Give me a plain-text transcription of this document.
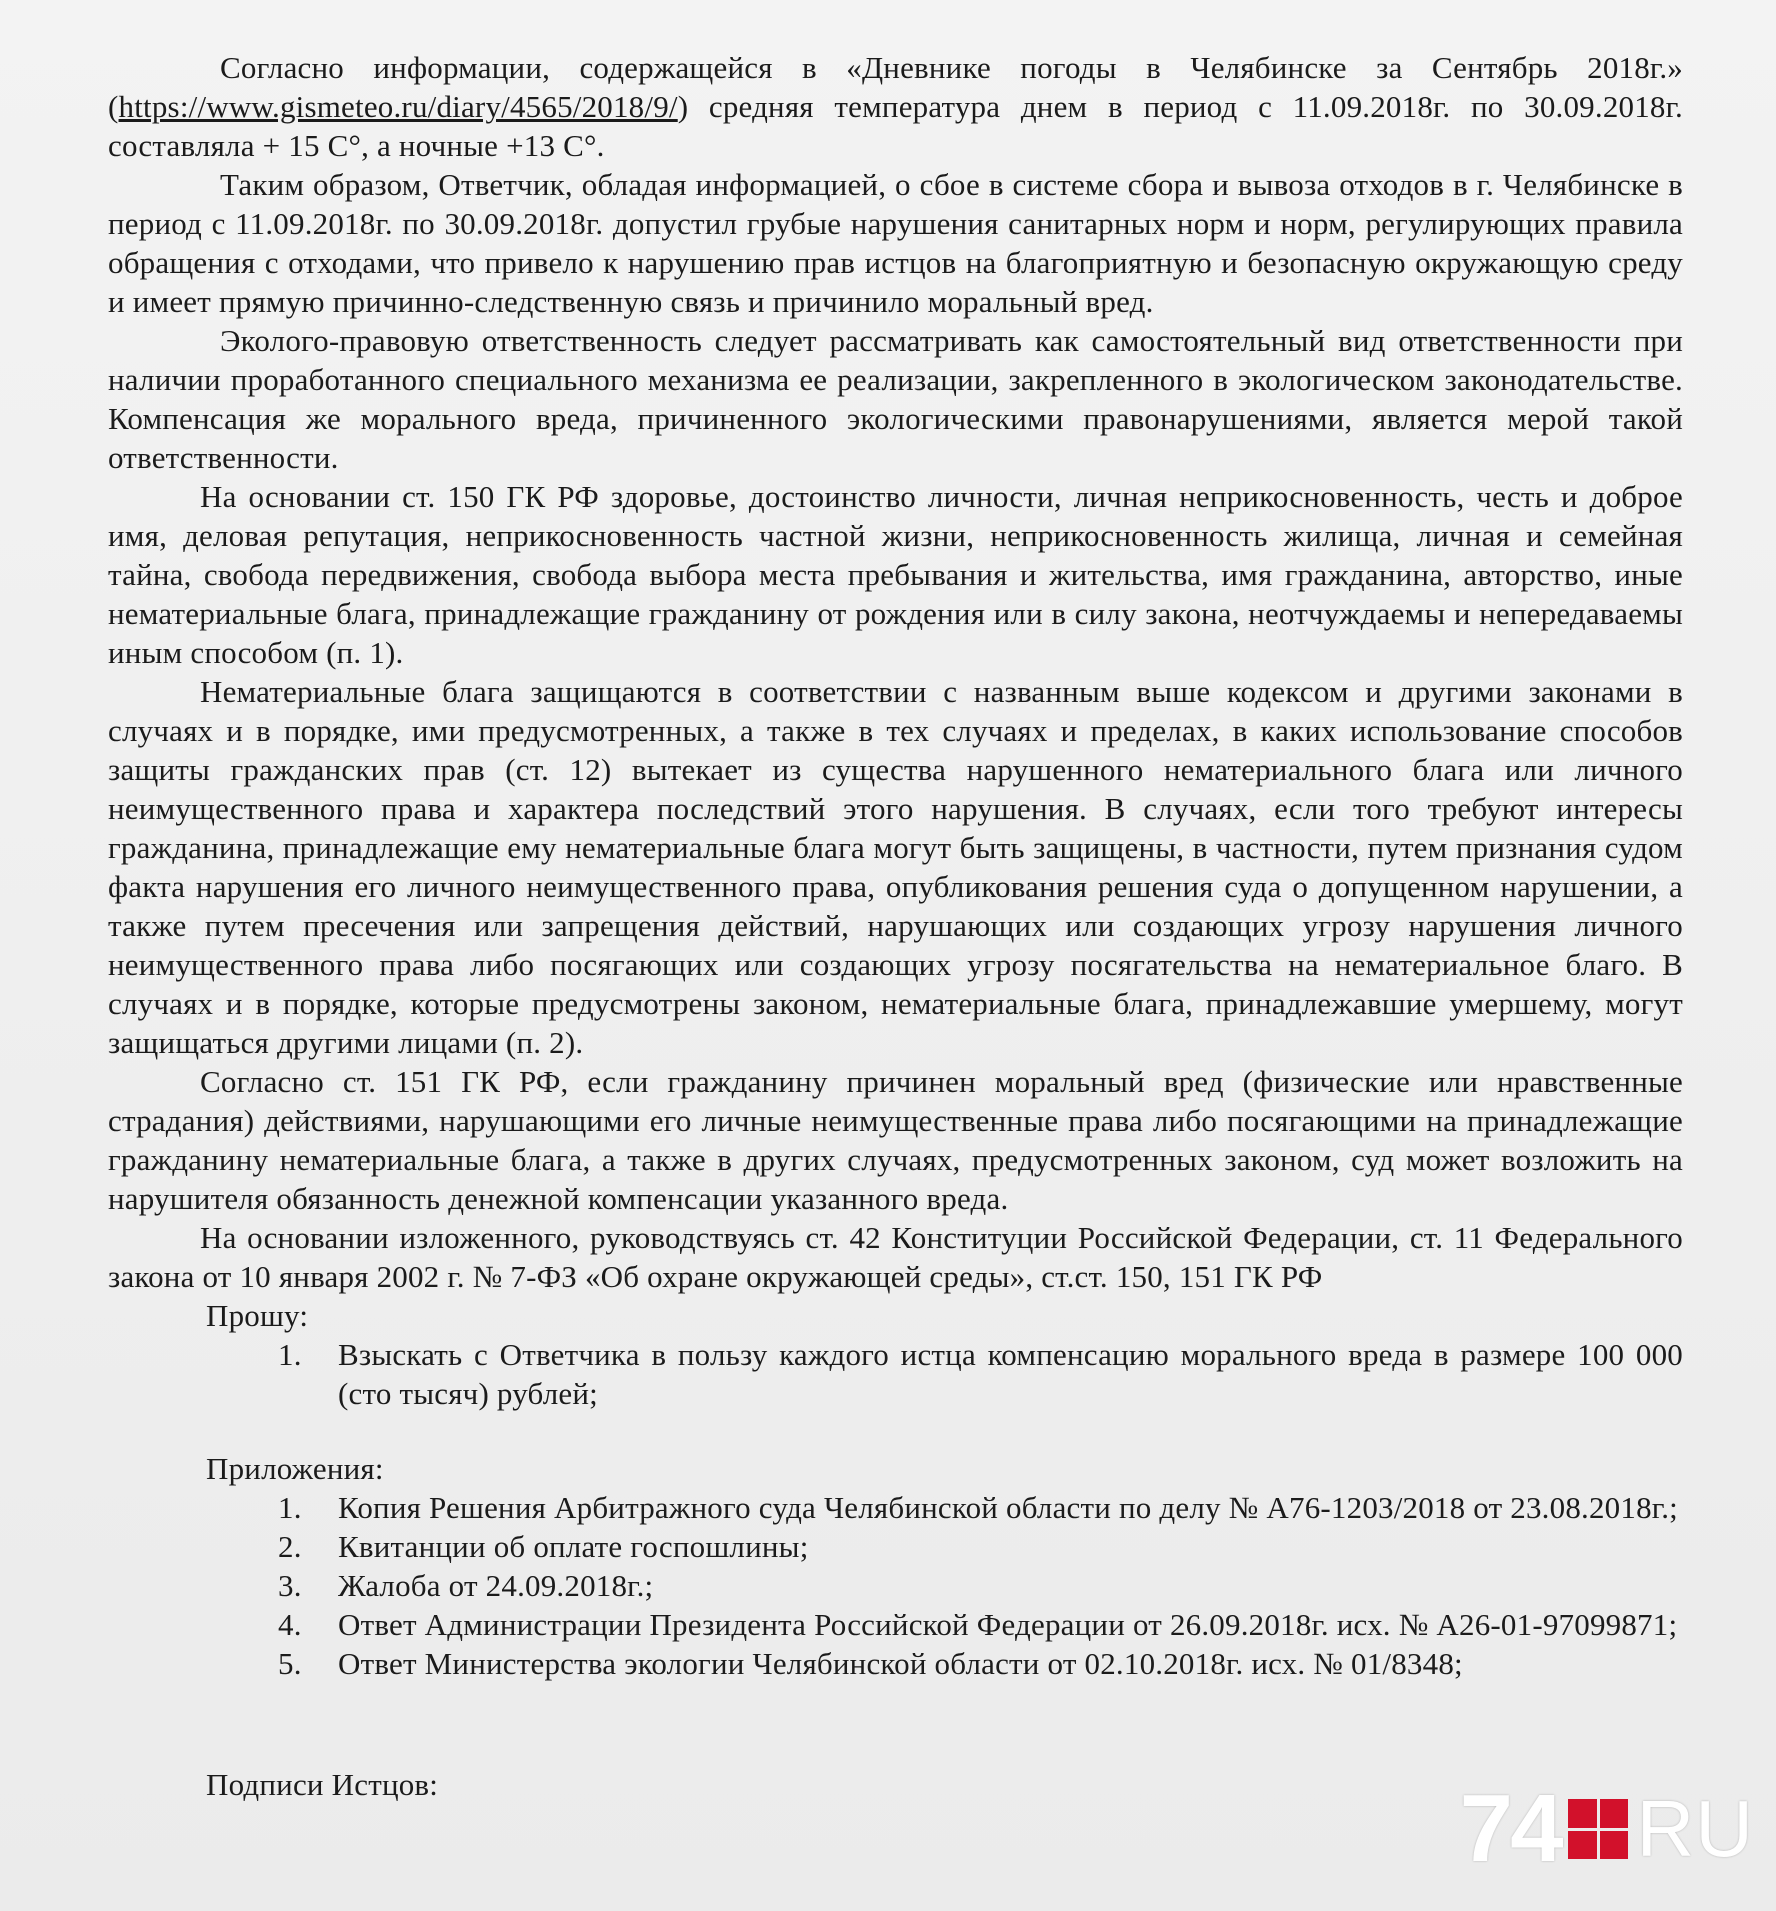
Согласно информации, содержащейся в «Дневнике погоды в Челябинске за Сентябрь 2018г.» (https://www.gismeteo.ru/diary/4565/2018/9/) средняя температура днем в период с 11.09.2018г. по 30.09.2018г. составляла + 15 С°, а ночные +13 С°.

Таким образом, Ответчик, обладая информацией, о сбое в системе сбора и вывоза отходов в г. Челябинске в период с 11.09.2018г. по 30.09.2018г. допустил грубые нарушения санитарных норм и норм, регулирующих правила обращения с отходами, что привело к нарушению прав истцов на благоприятную и безопасную окружающую среду и имеет прямую причинно-следственную связь и причинило моральный вред.

Эколого-правовую ответственность следует рассматривать как самостоятельный вид ответственности при наличии проработанного специального механизма ее реализации, закрепленного в экологическом законодательстве. Компенсация же морального вреда, причиненного экологическими правонарушениями, является мерой такой ответственности.

На основании ст. 150 ГК РФ здоровье, достоинство личности, личная неприкосновенность, честь и доброе имя, деловая репутация, неприкосновенность частной жизни, неприкосновенность жилища, личная и семейная тайна, свобода передвижения, свобода выбора места пребывания и жительства, имя гражданина, авторство, иные нематериальные блага, принадлежащие гражданину от рождения или в силу закона, неотчуждаемы и непередаваемы иным способом (п. 1).

Нематериальные блага защищаются в соответствии с названным выше кодексом и другими законами в случаях и в порядке, ими предусмотренных, а также в тех случаях и пределах, в каких использование способов защиты гражданских прав (ст. 12) вытекает из существа нарушенного нематериального блага или личного неимущественного права и характера последствий этого нарушения. В случаях, если того требуют интересы гражданина, принадлежащие ему нематериальные блага могут быть защищены, в частности, путем признания судом факта нарушения его личного неимущественного права, опубликования решения суда о допущенном нарушении, а также путем пресечения или запрещения действий, нарушающих или создающих угрозу нарушения личного неимущественного права либо посягающих или создающих угрозу посягательства на нематериальное благо. В случаях и в порядке, которые предусмотрены законом, нематериальные блага, принадлежавшие умершему, могут защищаться другими лицами (п. 2).

Согласно ст. 151 ГК РФ, если гражданину причинен моральный вред (физические или нравственные страдания) действиями, нарушающими его личные неимущественные права либо посягающими на принадлежащие гражданину нематериальные блага, а также в других случаях, предусмотренных законом, суд может возложить на нарушителя обязанность денежной компенсации указанного вреда.

На основании изложенного, руководствуясь ст. 42 Конституции Российской Федерации, ст. 11 Федерального закона от 10 января 2002 г. № 7-ФЗ «Об охране окружающей среды», ст.ст. 150, 151 ГК РФ

Прошу:

1. Взыскать с Ответчика в пользу каждого истца компенсацию морального вреда в размере 100 000 (сто тысяч) рублей;

Приложения:

1. Копия Решения Арбитражного суда Челябинской области по делу № А76-1203/2018 от 23.08.2018г.;
2. Квитанции об оплате госпошлины;
3. Жалоба от 24.09.2018г.;
4. Ответ Администрации Президента Российской Федерации от 26.09.2018г. исх. № А26-01-97099871;
5. Ответ Министерства экологии Челябинской области от 02.10.2018г. исх. № 01/8348;

Подписи Истцов:	74 RU
